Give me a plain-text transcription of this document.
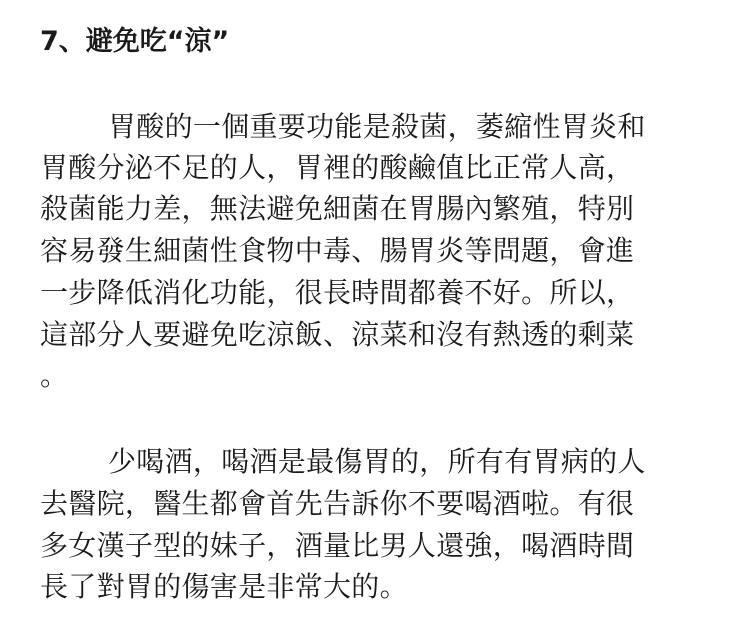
7、避免吃“涼”

胃酸的一個重要功能是殺菌，萎縮性胃炎和

胃酸分泌不足的人，胃裡的酸鹼值比正常人高，

殺菌能力差，無法避免細菌在胃腸內繁殖，特別

容易發生細菌性食物中毒、腸胃炎等問題，會進

一步降低消化功能，很長時間都養不好。所以，

這部分人要避免吃涼飯、涼菜和沒有熱透的剩菜

。

少喝酒，喝酒是最傷胃的，所有有胃病的人

去醫院，醫生都會首先告訴你不要喝酒啦。有很

多女漢子型的妹子，酒量比男人還強，喝酒時間

長了對胃的傷害是非常大的。
